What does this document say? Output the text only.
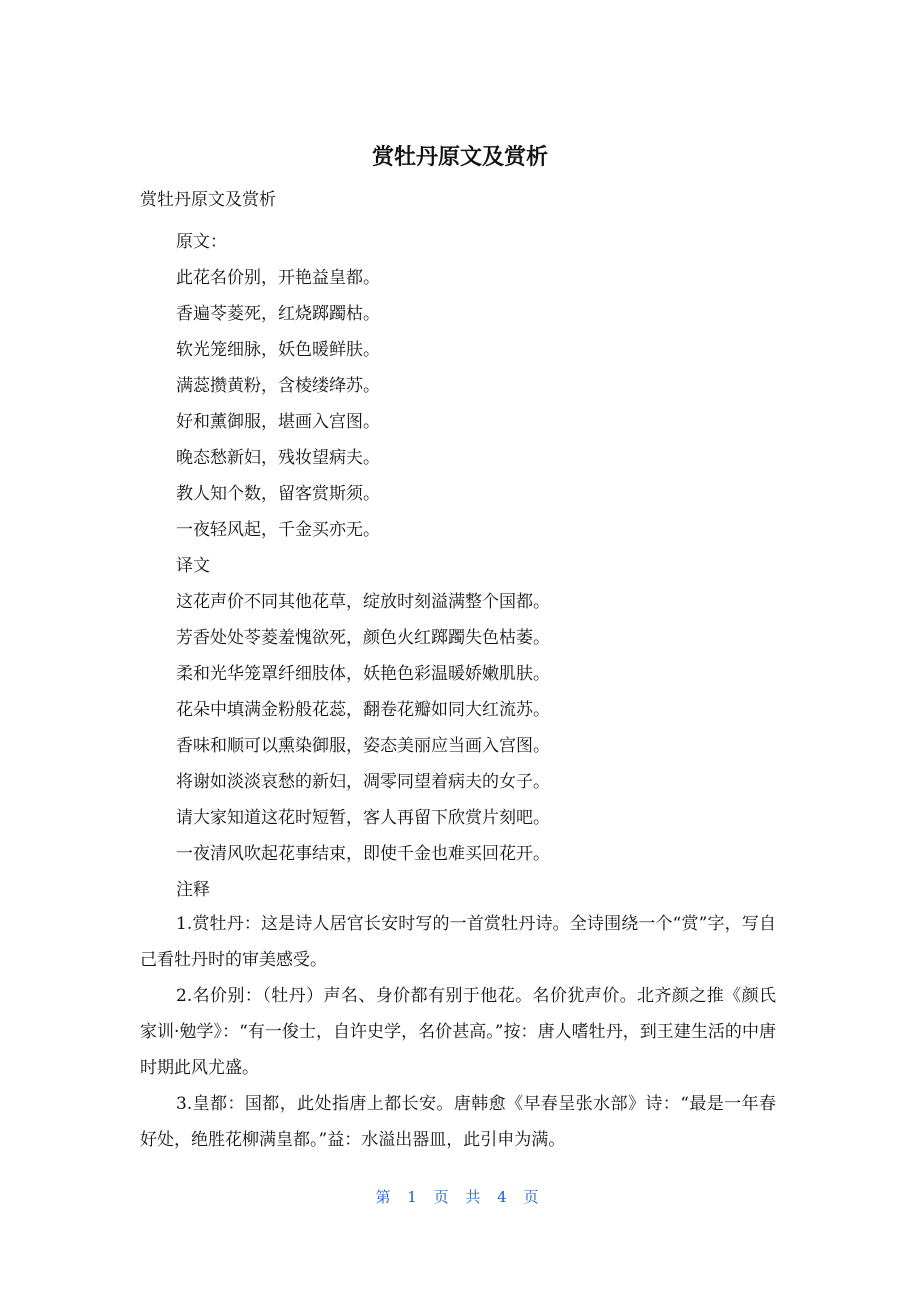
赏牡丹原文及赏析
赏牡丹原文及赏析
原文：
此花名价别，开艳益皇都。
香遍苓菱死，红烧踯躅枯。
软光笼细脉，妖色暖鲜肤。
满蕊攒黄粉，含棱缕绛苏。
好和薰御服，堪画入宫图。
晚态愁新妇，残妆望病夫。
教人知个数，留客赏斯须。
一夜轻风起，千金买亦无。
译文
这花声价不同其他花草，绽放时刻溢满整个国都。
芳香处处苓菱羞愧欲死，颜色火红踯躅失色枯萎。
柔和光华笼罩纤细肢体，妖艳色彩温暖娇嫩肌肤。
花朵中填满金粉般花蕊，翻卷花瓣如同大红流苏。
香味和顺可以熏染御服，姿态美丽应当画入宫图。
将谢如淡淡哀愁的新妇，凋零同望着病夫的女子。
请大家知道这花时短暂，客人再留下欣赏片刻吧。
一夜清风吹起花事结束，即使千金也难买回花开。
注释
1.赏牡丹：这是诗人居官长安时写的一首赏牡丹诗。全诗围绕一个“赏”字，写自己看牡丹时的审美感受。
2.名价别：（牡丹）声名、身价都有别于他花。名价犹声价。北齐颜之推《颜氏家训·勉学》：“有一俊士，自许史学，名价甚高。”按：唐人嗜牡丹，到王建生活的中唐时期此风尤盛。
3.皇都：国都，此处指唐上都长安。唐韩愈《早春呈张水部》诗：“最是一年春好处，绝胜花柳满皇都。”益：水溢出器皿，此引申为满。
第 1 页 共 4 页
